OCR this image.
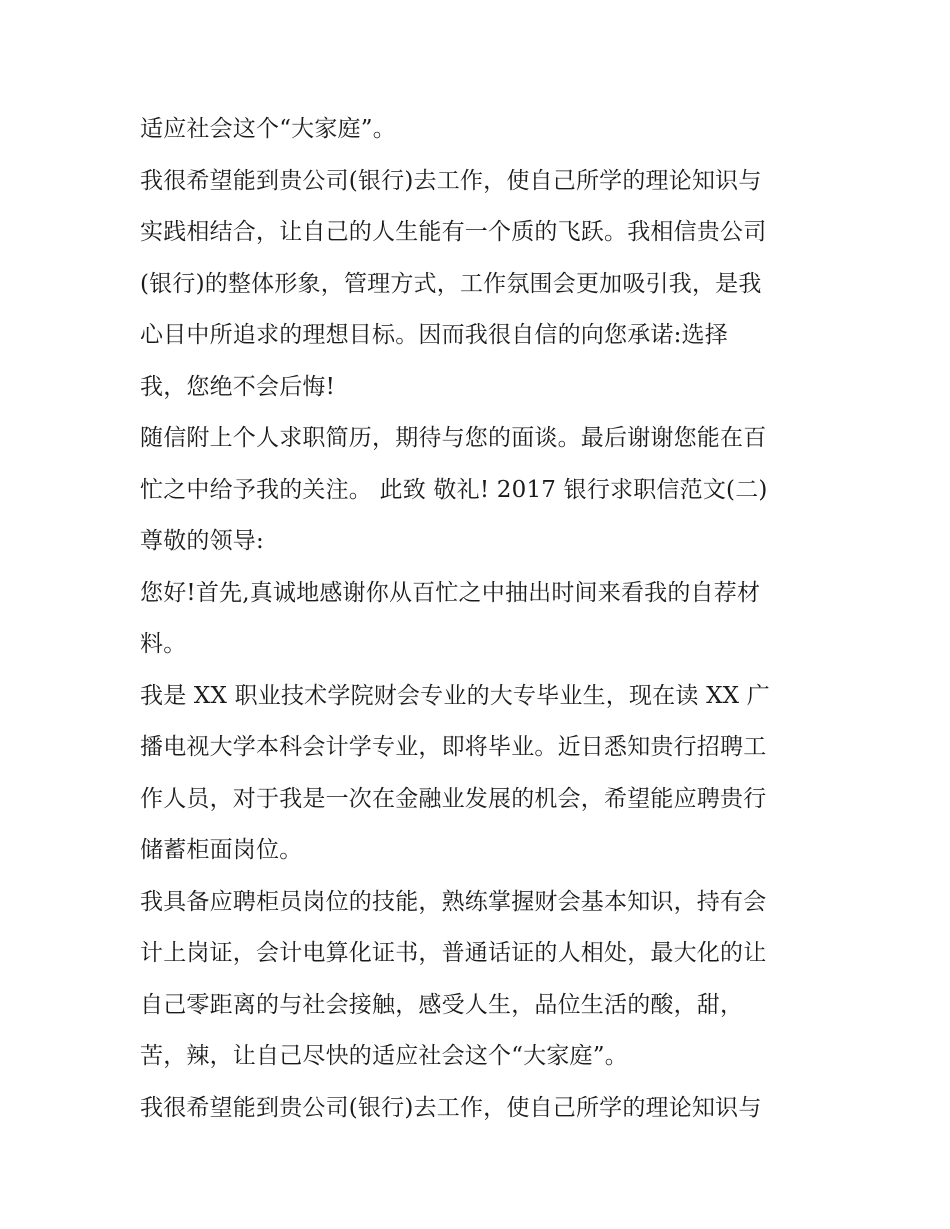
适应社会这个“大家庭”。
我很希望能到贵公司(银行)去工作，使自己所学的理论知识与
实践相结合，让自己的人生能有一个质的飞跃。我相信贵公司
(银行)的整体形象，管理方式，工作氛围会更加吸引我，是我
心目中所追求的理想目标。因而我很自信的向您承诺:选择
我，您绝不会后悔!
随信附上个人求职简历，期待与您的面谈。最后谢谢您能在百
忙之中给予我的关注。 此致 敬礼! 2017 银行求职信范文(二)
尊敬的领导:
您好!首先,真诚地感谢你从百忙之中抽出时间来看我的自荐材
料。
我是 XX 职业技术学院财会专业的大专毕业生，现在读 XX 广
播电视大学本科会计学专业，即将毕业。近日悉知贵行招聘工
作人员，对于我是一次在金融业发展的机会，希望能应聘贵行
储蓄柜面岗位。
我具备应聘柜员岗位的技能，熟练掌握财会基本知识，持有会
计上岗证，会计电算化证书，普通话证的人相处，最大化的让
自己零距离的与社会接触，感受人生，品位生活的酸，甜，
苦，辣，让自己尽快的适应社会这个“大家庭”。
我很希望能到贵公司(银行)去工作，使自己所学的理论知识与
